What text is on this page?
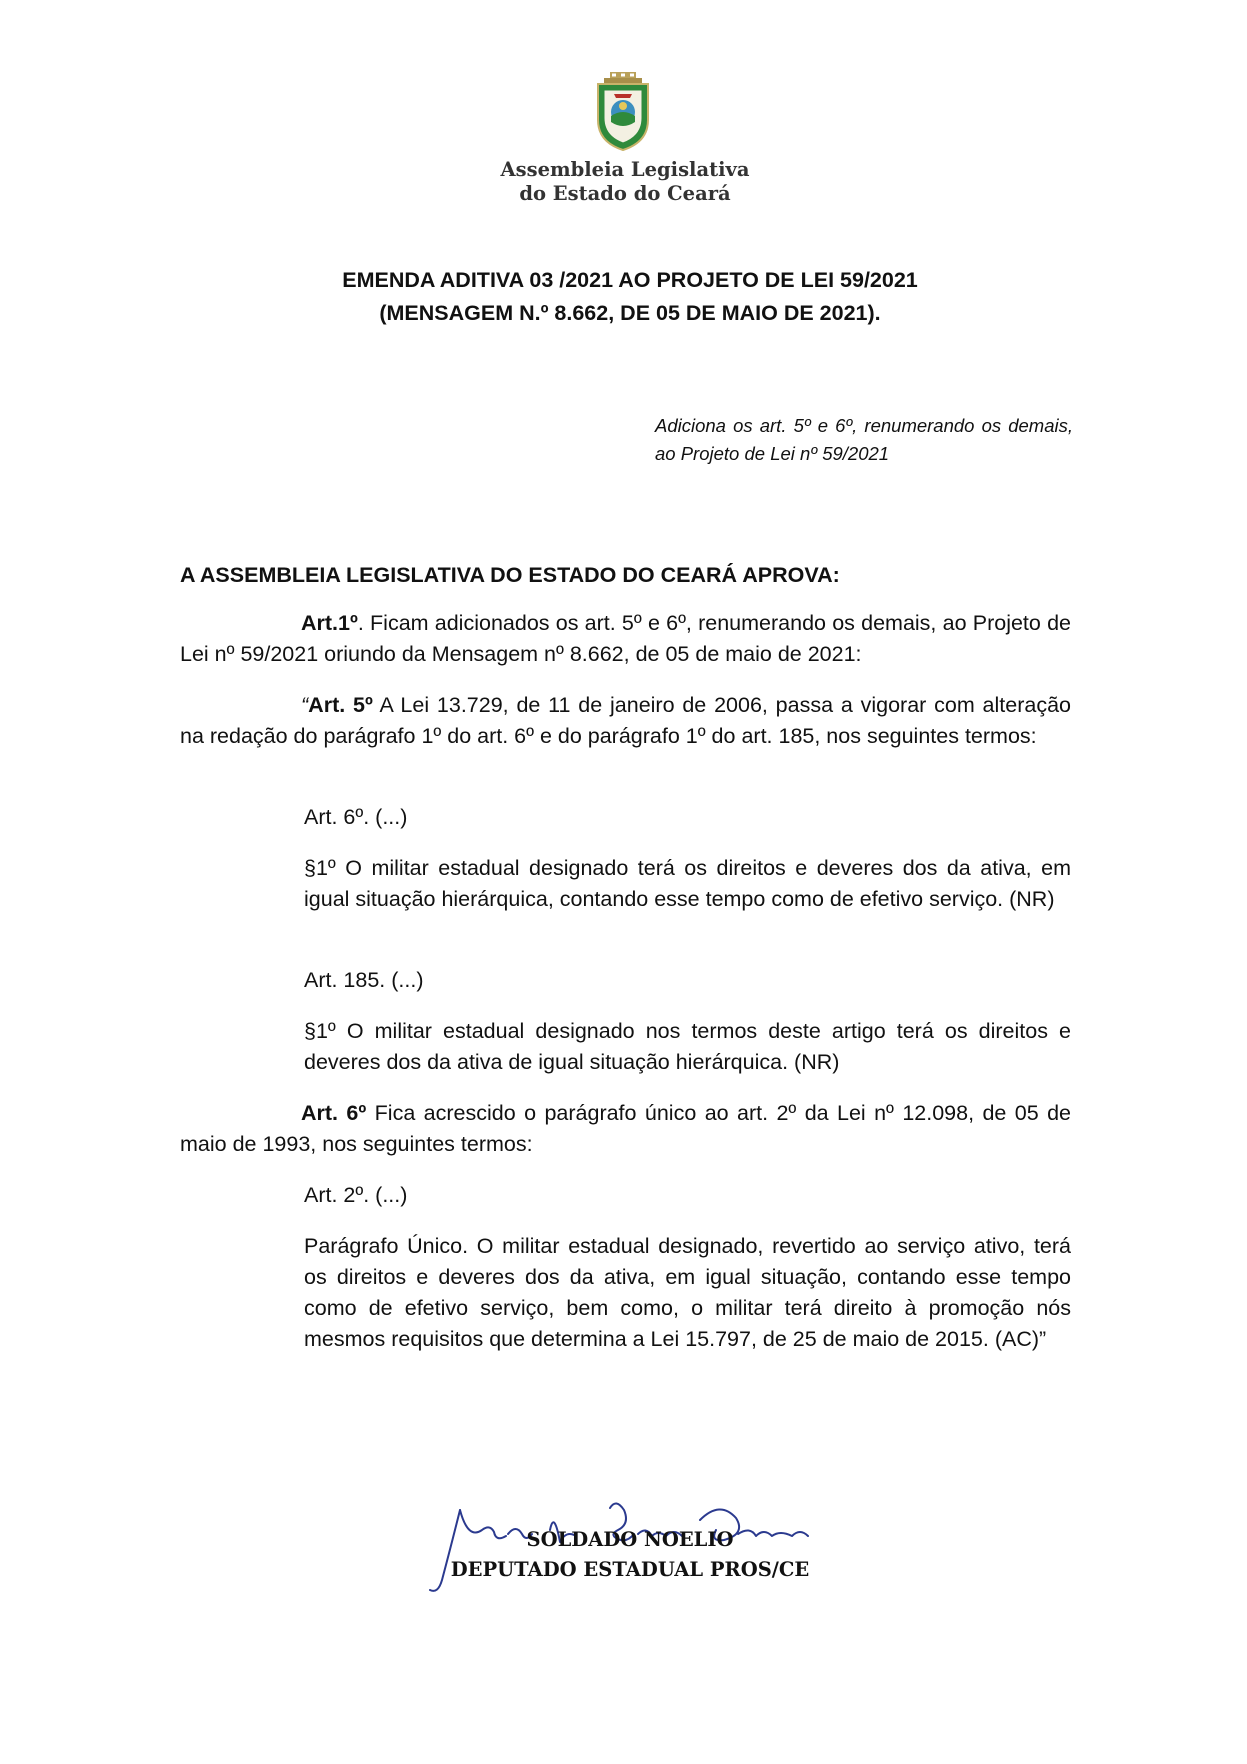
Assembleia Legislativa
do Estado do Ceará
EMENDA ADITIVA 03 /2021 AO PROJETO DE LEI 59/2021
(MENSAGEM N.º 8.662, DE 05 DE MAIO DE 2021).

Adiciona os art. 5º e 6º, renumerando os demais, ao Projeto de Lei nº 59/2021

A ASSEMBLEIA LEGISLATIVA DO ESTADO DO CEARÁ APROVA:

Art.1º. Ficam adicionados os art. 5º e 6º, renumerando os demais, ao Projeto de Lei nº 59/2021 oriundo da Mensagem nº 8.662, de 05 de maio de 2021:

“Art. 5º A Lei 13.729, de 11 de janeiro de 2006, passa a vigorar com alteração na redação do parágrafo 1º do art. 6º e do parágrafo 1º do art. 185, nos seguintes termos:

Art. 6º. (...)

§1º O militar estadual designado terá os direitos e deveres dos da ativa, em igual situação hierárquica, contando esse tempo como de efetivo serviço. (NR)

Art. 185. (...)

§1º O militar estadual designado nos termos deste artigo terá os direitos e deveres dos da ativa de igual situação hierárquica. (NR)

Art. 6º Fica acrescido o parágrafo único ao art. 2º da Lei nº 12.098, de 05 de maio de 1993, nos seguintes termos:

Art. 2º. (...)

Parágrafo Único. O militar estadual designado, revertido ao serviço ativo, terá os direitos e deveres dos da ativa, em igual situação, contando esse tempo como de efetivo serviço, bem como, o militar terá direito à promoção nós mesmos requisitos que determina a Lei 15.797, de 25 de maio de 2015. (AC)”

SOLDADO NOELIO
DEPUTADO ESTADUAL PROS/CE
